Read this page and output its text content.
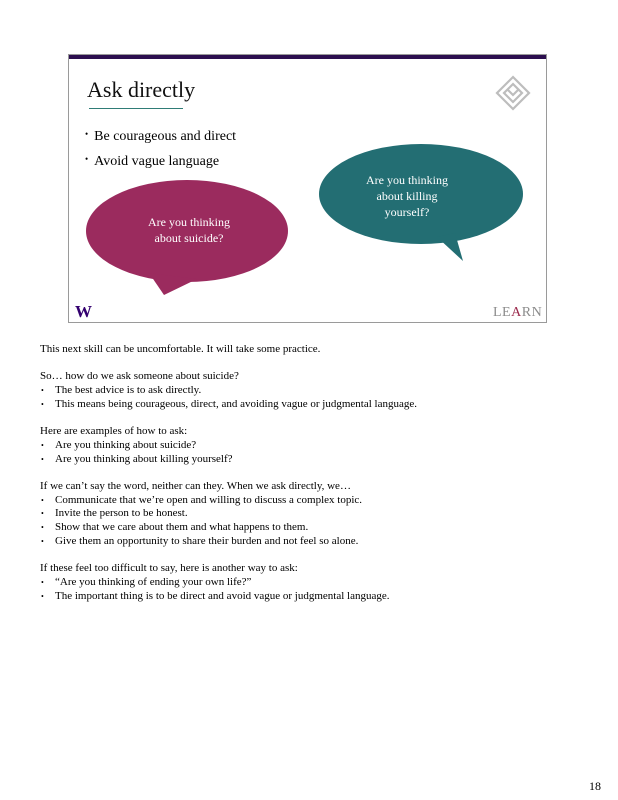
Ask directly
• Be courageous and direct
• Avoid vague language
Are you thinking
about suicide?
Are you thinking
about killing
yourself?
W	LEARN

This next skill can be uncomfortable. It will take some practice.

So… how do we ask someone about suicide?

• The best advice is to ask directly.

• This means being courageous, direct, and avoiding vague or judgmental language.

Here are examples of how to ask:

• Are you thinking about suicide?

• Are you thinking about killing yourself?

If we can’t say the word, neither can they. When we ask directly, we…

• Communicate that we’re open and willing to discuss a complex topic.

• Invite the person to be honest.

• Show that we care about them and what happens to them.

• Give them an opportunity to share their burden and not feel so alone.

If these feel too difficult to say, here is another way to ask:

• “Are you thinking of ending your own life?”

• The important thing is to be direct and avoid vague or judgmental language.

18
